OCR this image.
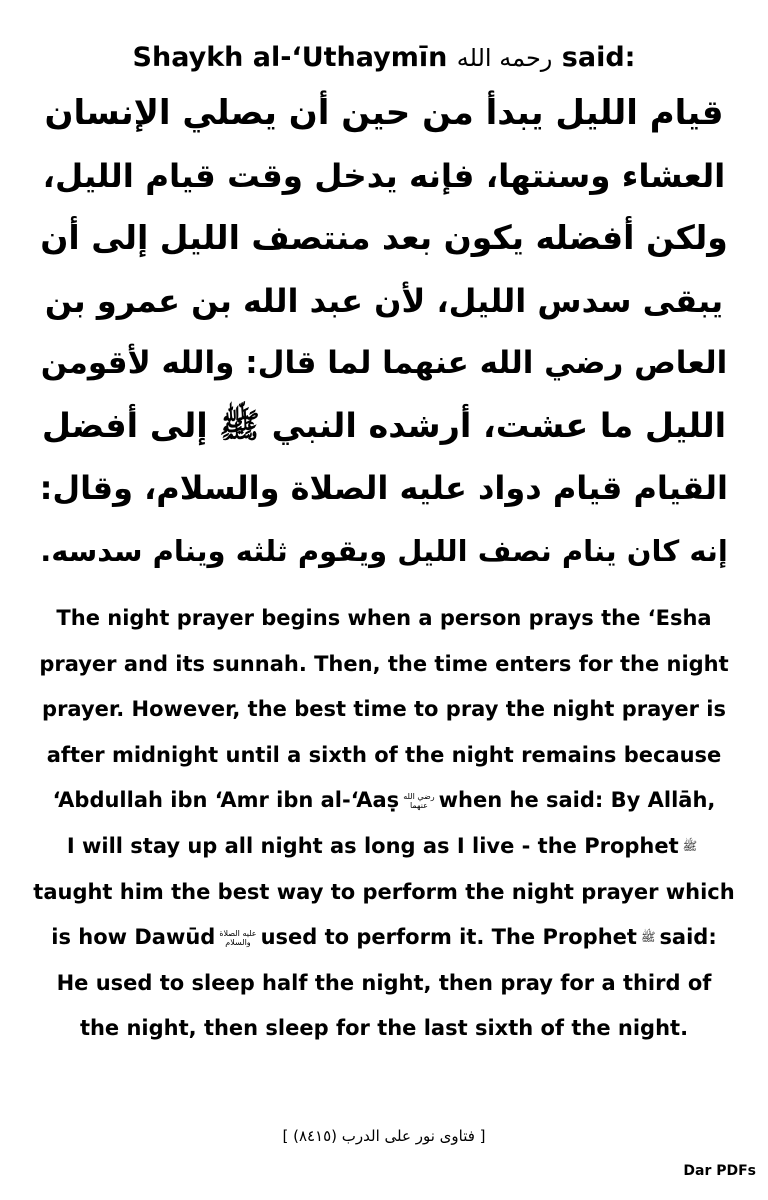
Shaykh al-‘Uthaymīn رحمه الله said:
قيام الليل يبدأ من حين أن يصلي الإنسان
العشاء وسنتها، فإنه يدخل وقت قيام الليل،
ولكن أفضله يكون بعد منتصف الليل إلى أن
يبقى سدس الليل، لأن عبد الله بن عمرو بن
العاص رضي الله عنهما لما قال: والله لأقومن
الليل ما عشت، أرشده النبي ﷺ إلى أفضل
القيام قيام دواد عليه الصلاة والسلام، وقال:
إنه كان ينام نصف الليل ويقوم ثلثه وينام سدسه.
The night prayer begins when a person prays the ‘Esha
prayer and its sunnah. Then, the time enters for the night
prayer. However, the best time to pray the night prayer is
after midnight until a sixth of the night remains because
‘Abdullah ibn ‘Amr ibn al-‘Aaṣ رضي الله
عنهما when he said: By Allāh,
I will stay up all night as long as I live - the Prophet ﷺ
taught him the best way to perform the night prayer which
is how Dawūd عليه الصلاة
والسلام used to perform it. The Prophet ﷺ said:
He used to sleep half the night, then pray for a third of
the night, then sleep for the last sixth of the night.
[ فتاوى نور على الدرب (٨٤١٥) ]
Dar PDFs
